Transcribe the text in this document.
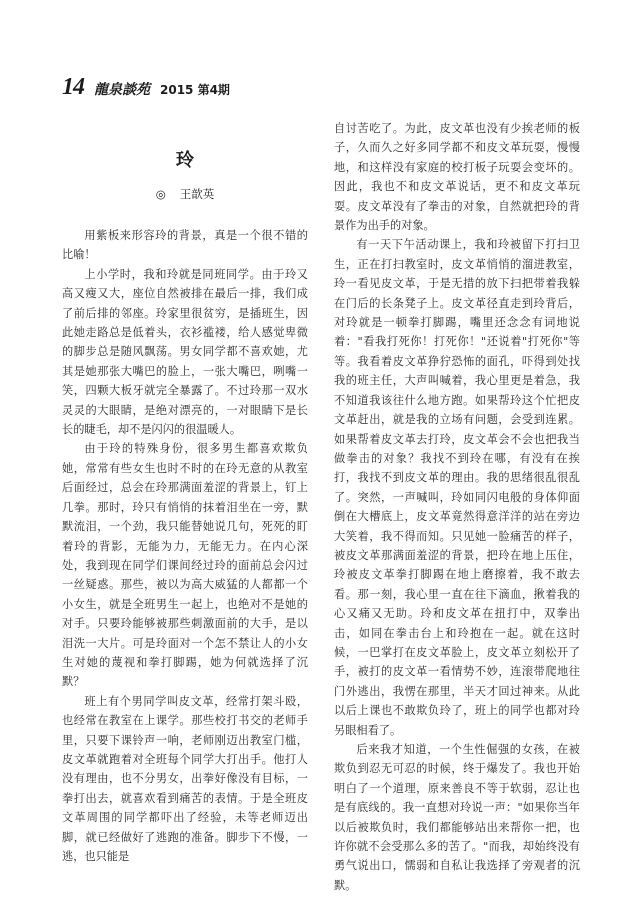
14 龍泉談苑 2015 第4期
玲
◎ 王歆英

用紫板来形容玲的背景，真是一个很不错的比喻！

上小学时，我和玲就是同班同学。由于玲又高又瘦又大，座位自然被排在最后一排，我们成了前后排的邻座。玲家里很贫穷，是插班生，因此她走路总是低着头，衣衫褴褛，给人感觉卑微的脚步总是随风飘荡。男女同学都不喜欢她，尤其是她那张大嘴巴的脸上，一张大嘴巴，咧嘴一笑，四颗大板牙就完全暴露了。不过玲那一双水灵灵的大眼睛，是绝对漂亮的，一对眼睛下是长长的睫毛，却不是闪闪的很温暖人。

由于玲的特殊身份，很多男生都喜欢欺负她，常常有些女生也时不时的在玲无意的从教室后面经过，总会在玲那满面羞涩的背景上，钉上几拳。那时，玲只有悄悄的抹着泪坐在一旁，默默流泪，一个劲，我只能替她说几句，死死的盯着玲的背影，无能为力，无能无力。在内心深处，我到现在同学们课间经过玲的面前总会闪过一丝疑惑。那些，被以为高大威猛的人都都一个小女生，就是全班男生一起上，也绝对不是她的对手。只要玲能够被那些刺激面前的大手，是以泪洗一大片。可是玲面对一个怎不禁让人的小女生对她的蔑视和拳打脚踢，她为何就选择了沉默？

班上有个男同学叫皮文革，经常打架斗殴，也经常在教室在上课学。那些校打书交的老师手里，只要下课铃声一响，老师刚迈出教室门槛，皮文革就跑着对全班每个同学大打出手。他打人没有理由，也不分男女，出拳好像没有目标，一拳打出去，就喜欢看到痛苦的表情。于是全班皮文革周围的同学都吓出了经验，未等老师迈出脚，就已经做好了逃跑的准备。脚步下不慢，一逃，也只能是

自讨苦吃了。为此，皮文革也没有少挨老师的板子，久而久之好多同学都不和皮文革玩耍，慢慢地，和这样没有家庭的校打板子玩耍会变坏的。因此，我也不和皮文革说话，更不和皮文革玩耍。皮文革没有了拳击的对象，自然就把玲的背景作为出手的对象。

有一天下午活动课上，我和玲被留下打扫卫生，正在打扫教室时，皮文革悄悄的溜进教室，玲一看见皮文革，于是无措的放下扫把带着我躲在门后的长条凳子上。皮文革径直走到玲背后，对玲就是一顿拳打脚踢，嘴里还念念有词地说着："看我打死你！打死你！"还说着"打死你"等等。我看着皮文革狰狞恐怖的面孔，吓得到处找我的班主任，大声叫喊着，我心里更是着急，我不知道我该往什么地方跑。如果帮玲这个忙把皮文革赶出，就是我的立场有问题，会受到连累。如果帮着皮文革去打玲，皮文革会不会也把我当做拳击的对象？我找不到玲在哪，有没有在挨打，我找不到皮文革的理由。我的思绪很乱很乱了。突然，一声喊叫，玲如同闪电般的身体仰面倒在大槽底上，皮文革竟然得意洋洋的站在旁边大笑着，我不得而知。只见她一脸痛苦的样子，被皮文革那满面羞涩的背景，把玲在地上压住，玲被皮文革拳打脚踢在地上磨擦着，我不敢去看。那一刻，我心里一直在往下滴血，揪着我的心又痛又无助。玲和皮文革在扭打中，双拳出击，如同在拳击台上和玲抱在一起。就在这时候，一巴掌打在皮文革脸上，皮文革立刻松开了手，被打的皮文革一看情势不妙，连滚带爬地往门外逃出，我愣在那里，半天才回过神来。从此以后上课也不敢欺负玲了，班上的同学也都对玲另眼相看了。

后来我才知道，一个生性倔强的女孩，在被欺负到忍无可忍的时候，终于爆发了。我也开始明白了一个道理，原来善良不等于软弱，忍让也是有底线的。我一直想对玲说一声："如果你当年以后被欺负时，我们都能够站出来帮你一把，也许你就不会受那么多的苦了。"而我，却始终没有勇气说出口，懦弱和自私让我选择了旁观者的沉默。
